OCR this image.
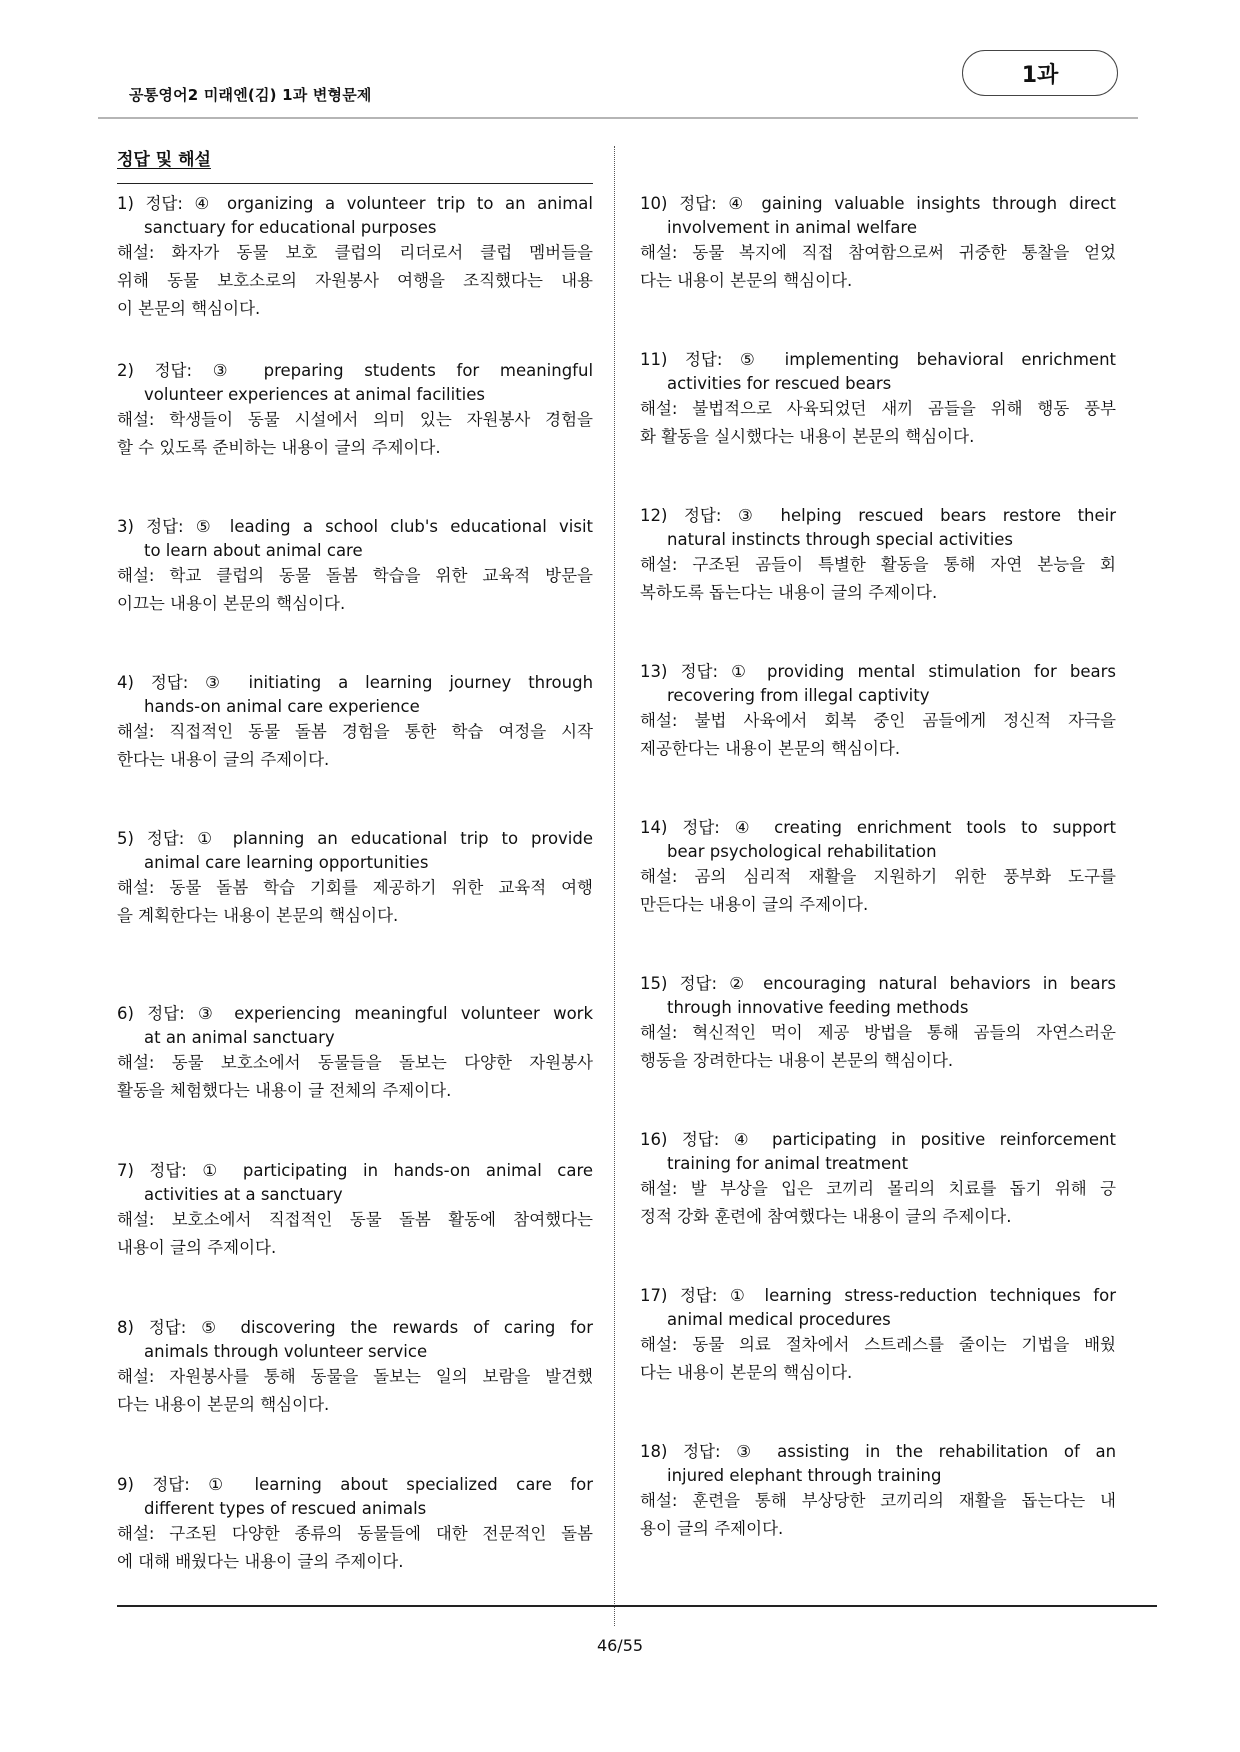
공통영어2 미래엔(김) 1과 변형문제
1과
정답 및 해설
1) 정답: ④ organizing a volunteer trip to an animal
sanctuary for educational purposes
해설: 화자가 동물 보호 클럽의 리더로서 클럽 멤버들을
위해 동물 보호소로의 자원봉사 여행을 조직했다는 내용
이 본문의 핵심이다.
2) 정답: ③ preparing students for meaningful
volunteer experiences at animal facilities
해설: 학생들이 동물 시설에서 의미 있는 자원봉사 경험을
할 수 있도록 준비하는 내용이 글의 주제이다.
3) 정답: ⑤ leading a school club's educational visit
to learn about animal care
해설: 학교 클럽의 동물 돌봄 학습을 위한 교육적 방문을
이끄는 내용이 본문의 핵심이다.
4) 정답: ③ initiating a learning journey through
hands-on animal care experience
해설: 직접적인 동물 돌봄 경험을 통한 학습 여정을 시작
한다는 내용이 글의 주제이다.
5) 정답: ① planning an educational trip to provide
animal care learning opportunities
해설: 동물 돌봄 학습 기회를 제공하기 위한 교육적 여행
을 계획한다는 내용이 본문의 핵심이다.
6) 정답: ③ experiencing meaningful volunteer work
at an animal sanctuary
해설: 동물 보호소에서 동물들을 돌보는 다양한 자원봉사
활동을 체험했다는 내용이 글 전체의 주제이다.
7) 정답: ① participating in hands-on animal care
activities at a sanctuary
해설: 보호소에서 직접적인 동물 돌봄 활동에 참여했다는
내용이 글의 주제이다.
8) 정답: ⑤ discovering the rewards of caring for
animals through volunteer service
해설: 자원봉사를 통해 동물을 돌보는 일의 보람을 발견했
다는 내용이 본문의 핵심이다.
9) 정답: ① learning about specialized care for
different types of rescued animals
해설: 구조된 다양한 종류의 동물들에 대한 전문적인 돌봄
에 대해 배웠다는 내용이 글의 주제이다.
10) 정답: ④ gaining valuable insights through direct
involvement in animal welfare
해설: 동물 복지에 직접 참여함으로써 귀중한 통찰을 얻었
다는 내용이 본문의 핵심이다.
11) 정답: ⑤ implementing behavioral enrichment
activities for rescued bears
해설: 불법적으로 사육되었던 새끼 곰들을 위해 행동 풍부
화 활동을 실시했다는 내용이 본문의 핵심이다.
12) 정답: ③ helping rescued bears restore their
natural instincts through special activities
해설: 구조된 곰들이 특별한 활동을 통해 자연 본능을 회
복하도록 돕는다는 내용이 글의 주제이다.
13) 정답: ① providing mental stimulation for bears
recovering from illegal captivity
해설: 불법 사육에서 회복 중인 곰들에게 정신적 자극을
제공한다는 내용이 본문의 핵심이다.
14) 정답: ④ creating enrichment tools to support
bear psychological rehabilitation
해설: 곰의 심리적 재활을 지원하기 위한 풍부화 도구를
만든다는 내용이 글의 주제이다.
15) 정답: ② encouraging natural behaviors in bears
through innovative feeding methods
해설: 혁신적인 먹이 제공 방법을 통해 곰들의 자연스러운
행동을 장려한다는 내용이 본문의 핵심이다.
16) 정답: ④ participating in positive reinforcement
training for animal treatment
해설: 발 부상을 입은 코끼리 몰리의 치료를 돕기 위해 긍
정적 강화 훈련에 참여했다는 내용이 글의 주제이다.
17) 정답: ① learning stress-reduction techniques for
animal medical procedures
해설: 동물 의료 절차에서 스트레스를 줄이는 기법을 배웠
다는 내용이 본문의 핵심이다.
18) 정답: ③ assisting in the rehabilitation of an
injured elephant through training
해설: 훈련을 통해 부상당한 코끼리의 재활을 돕는다는 내
용이 글의 주제이다.
46/55
